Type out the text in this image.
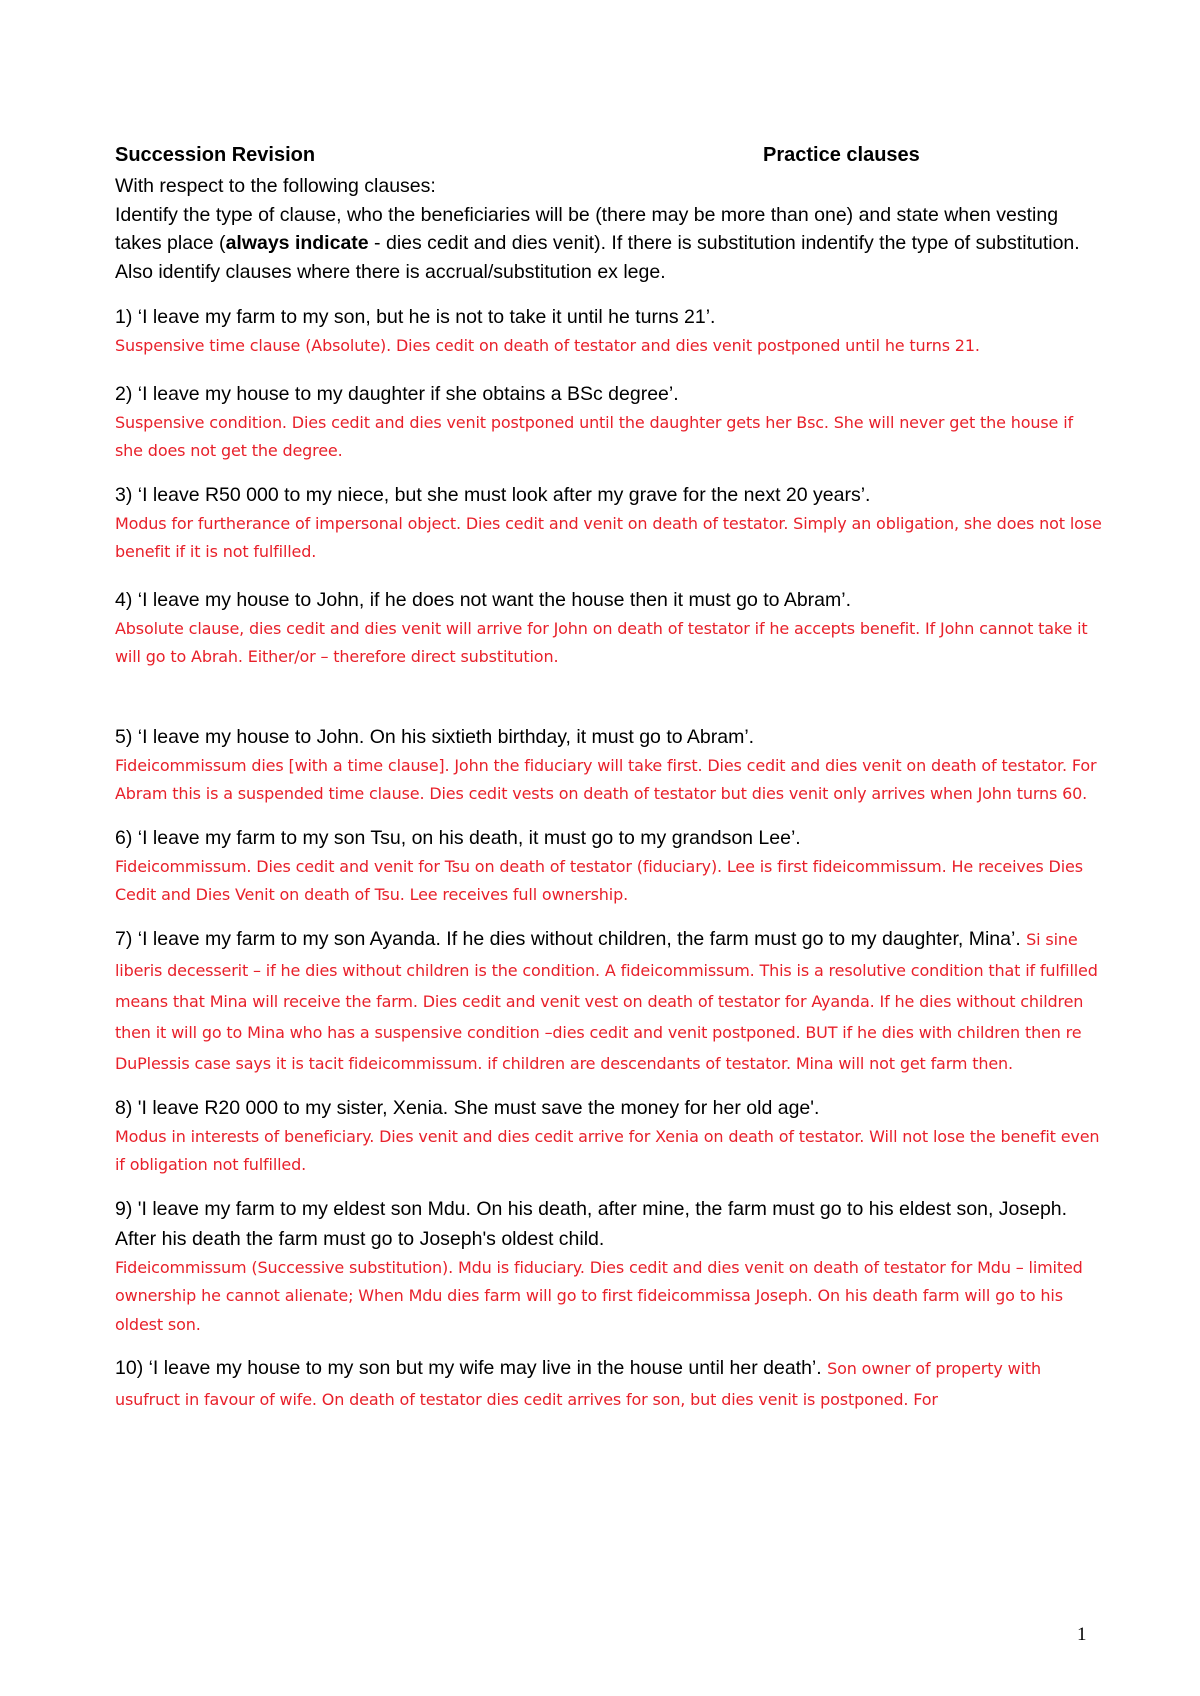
Succession Revision	Practice clauses

With respect to the following clauses:

Identify the type of clause, who the beneficiaries will be (there may be more than one) and state when vesting takes place (always indicate - dies cedit and dies venit). If there is substitution indentify the type of substitution. Also identify clauses where there is accrual/substitution ex lege.

1) ‘I leave my farm to my son, but he is not to take it until he turns 21’.

Suspensive time clause (Absolute). Dies cedit on death of testator and dies venit postponed until he turns 21.

2) ‘I leave my house to my daughter if she obtains a BSc degree’.

Suspensive condition. Dies cedit and dies venit postponed until the daughter gets her Bsc. She will never get the house if she does not get the degree.

3) ‘I leave R50 000 to my niece, but she must look after my grave for the next 20 years’.

Modus for furtherance of impersonal object. Dies cedit and venit on death of testator. Simply an obligation, she does not lose benefit if it is not fulfilled.

4) ‘I leave my house to John, if he does not want the house then it must go to Abram’.

Absolute clause, dies cedit and dies venit will arrive for John on death of testator if he accepts benefit. If John cannot take it will go to Abrah. Either/or – therefore direct substitution.

5) ‘I leave my house to John. On his sixtieth birthday, it must go to Abram’.

Fideicommissum dies [with a time clause]. John the fiduciary will take first. Dies cedit and dies venit on death of testator. For Abram this is a suspended time clause. Dies cedit vests on death of testator but dies venit only arrives when John turns 60.

6) ‘I leave my farm to my son Tsu, on his death, it must go to my grandson Lee’.

Fideicommissum. Dies cedit and venit for Tsu on death of testator (fiduciary). Lee is first fideicommissum. He receives Dies Cedit and Dies Venit on death of Tsu. Lee receives full ownership.

7) ‘I leave my farm to my son Ayanda. If he dies without children, the farm must go to my daughter, Mina’. Si sine liberis decesserit – if he dies without children is the condition. A fideicommissum. This is a resolutive condition that if fulfilled means that Mina will receive the farm. Dies cedit and venit vest on death of testator for Ayanda. If he dies without children then it will go to Mina who has a suspensive condition –dies cedit and venit postponed. BUT if he dies with children then re DuPlessis case says it is tacit fideicommissum. if children are descendants of testator. Mina will not get farm then.

8) 'I leave R20 000 to my sister, Xenia. She must save the money for her old age'.

Modus in interests of beneficiary. Dies venit and dies cedit arrive for Xenia on death of testator. Will not lose the benefit even if obligation not fulfilled.

9) 'I leave my farm to my eldest son Mdu. On his death, after mine, the farm must go to his eldest son, Joseph. After his death the farm must go to Joseph's oldest child.

Fideicommissum (Successive substitution). Mdu is fiduciary. Dies cedit and dies venit on death of testator for Mdu – limited ownership he cannot alienate; When Mdu dies farm will go to first fideicommissa Joseph. On his death farm will go to his oldest son.

10) ‘I leave my house to my son but my wife may live in the house until her death’. Son owner of property with usufruct in favour of wife. On death of testator dies cedit arrives for son, but dies venit is postponed. For

1
